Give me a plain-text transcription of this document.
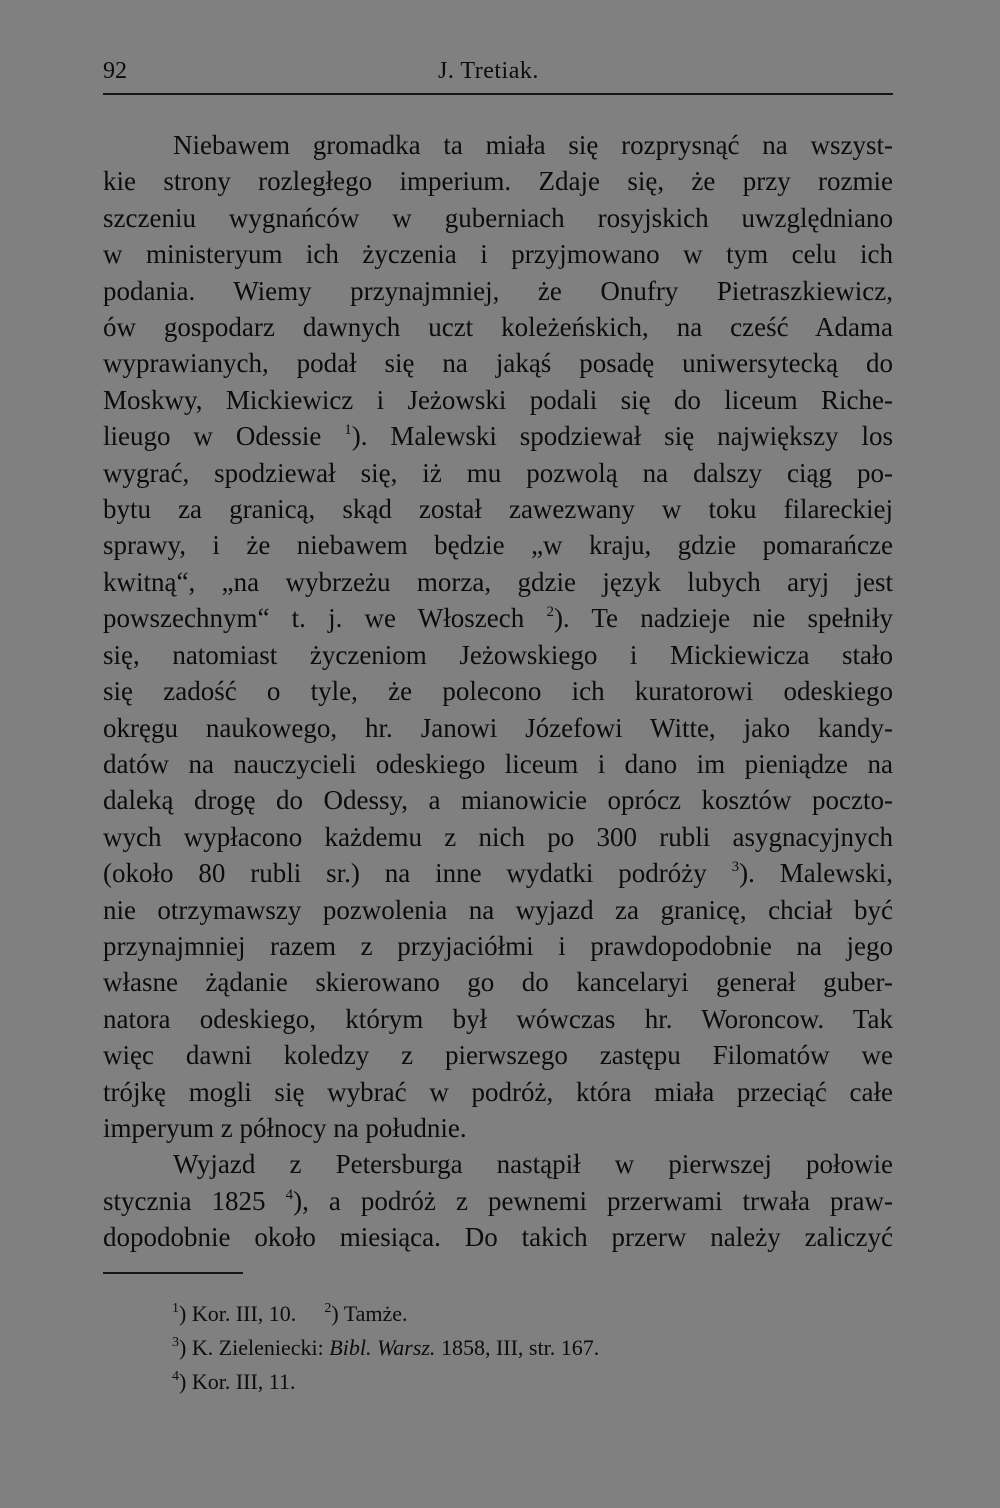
92	J. Tretiak.
Niebawem gromadka ta miała się rozprysnąć na wszyst-
kie strony rozległego imperium. Zdaje się, że przy rozmie
szczeniu wygnańców w guberniach rosyjskich uwzględniano
w ministeryum ich życzenia i przyjmowano w tym celu ich
podania. Wiemy przynajmniej, że Onufry Pietraszkiewicz,
ów gospodarz dawnych uczt koleżeńskich, na cześć Adama
wyprawianych, podał się na jakąś posadę uniwersytecką do
Moskwy, Mickiewicz i Jeżowski podali się do liceum Riche-
lieugo w Odessie $^1$). Malewski spodziewał się największy los
wygrać, spodziewał się, iż mu pozwolą na dalszy ciąg po-
bytu za granicą, skąd został zawezwany w toku filareckiej
sprawy, i że niebawem będzie „w kraju, gdzie pomarańcze
kwitną“, „na wybrzeżu morza, gdzie język lubych aryj jest
powszechnym“ t. j. we Włoszech $^2$). Te nadzieje nie spełniły
się, natomiast życzeniom Jeżowskiego i Mickiewicza stało
się zadość o tyle, że polecono ich kuratorowi odeskiego
okręgu naukowego, hr. Janowi Józefowi Witte, jako kandy-
datów na nauczycieli odeskiego liceum i dano im pieniądze na
daleką drogę do Odessy, a mianowicie oprócz kosztów poczto-
wych wypłacono każdemu z nich po 300 rubli asygnacyjnych
(około 80 rubli sr.) na inne wydatki podróży $^3$). Malewski,
nie otrzymawszy pozwolenia na wyjazd za granicę, chciał być
przynajmniej razem z przyjaciółmi i prawdopodobnie na jego
własne żądanie skierowano go do kancelaryi generał guber-
natora odeskiego, którym był wówczas hr. Woroncow. Tak
więc dawni koledzy z pierwszego zastępu Filomatów we
trójkę mogli się wybrać w podróż, która miała przeciąć całe
imperyum z północy na południe.
Wyjazd z Petersburga nastąpił w pierwszej połowie
stycznia 1825 $^4$), a podróż z pewnemi przerwami trwała praw-
dopodobnie około miesiąca. Do takich przerw należy zaliczyć
$^1$) Kor. III, 10. $^2$) Tamże.
$^3$) K. Zieleniecki: Bibl. Warsz. 1858, III, str. 167.
$^4$) Kor. III, 11.
